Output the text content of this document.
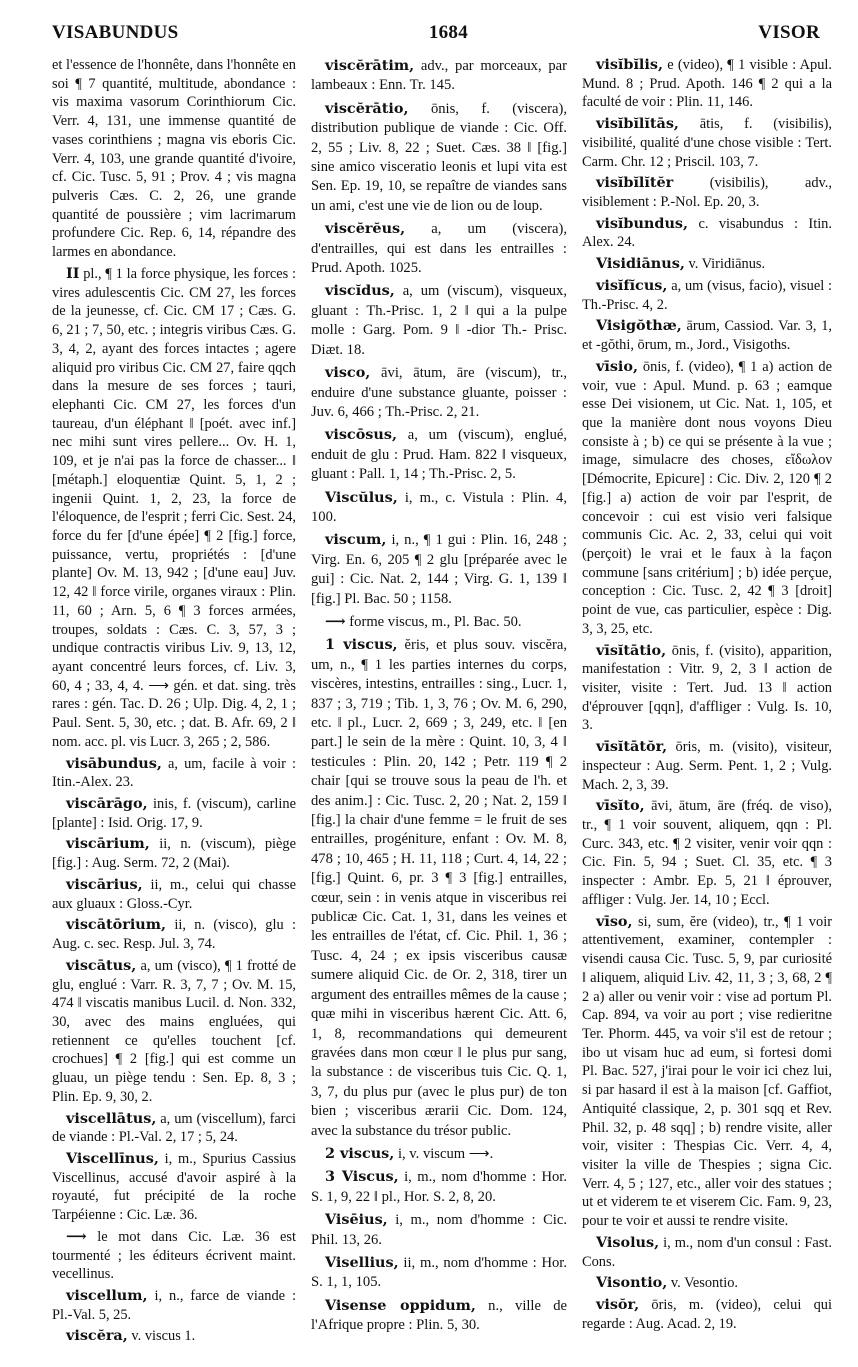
VISABUNDUS	1684	VISOR

et l'essence de l'honnête, dans l'honnête en soi ¶ 7 quantité, multitude, abondance : vis maxima vasorum Corinthiorum Cic. Verr. 4, 131, une immense quantité de vases corinthiens ; magna vis eboris Cic. Verr. 4, 103, une grande quantité d'ivoire, cf. Cic. Tusc. 5, 91 ; Prov. 4 ; vis magna pulveris Cæs. C. 2, 26, une grande quantité de poussière ; vim lacrimarum profundere Cic. Rep. 6, 14, répandre des larmes en abondance.

II pl., ¶ 1 la force physique, les forces : vires adulescentis Cic. CM 27, les forces de la jeunesse, cf. Cic. CM 17 ; Cæs. G. 6, 21 ; 7, 50, etc. ; integris viribus Cæs. G. 3, 4, 2, ayant des forces intactes ; agere aliquid pro viribus Cic. CM 27, faire qqch dans la mesure de ses forces ; tauri, elephanti Cic. CM 27, les forces d'un taureau, d'un éléphant ‖ [poét. avec inf.] nec mihi sunt vires pellere... Ov. H. 1, 109, et je n'ai pas la force de chasser... ‖ [métaph.] eloquentiæ Quint. 5, 1, 2 ; ingenii Quint. 1, 2, 23, la force de l'éloquence, de l'esprit ; ferri Cic. Sest. 24, force du fer [d'une épée] ¶ 2 [fig.] force, puissance, vertu, propriétés : [d'une plante] Ov. M. 13, 942 ; [d'une eau] Juv. 12, 42 ‖ force virile, organes viraux : Plin. 11, 60 ; Arn. 5, 6 ¶ 3 forces armées, troupes, soldats : Cæs. C. 3, 57, 3 ; undique contractis viribus Liv. 9, 13, 12, ayant concentré leurs forces, cf. Liv. 3, 60, 4 ; 33, 4, 4. ⟶ gén. et dat. sing. très rares : gén. Tac. D. 26 ; Ulp. Dig. 4, 2, 1 ; Paul. Sent. 5, 30, etc. ; dat. B. Afr. 69, 2 ‖ nom. acc. pl. vis Lucr. 3, 265 ; 2, 586.

visābundus, a, um, facile à voir : Itin.-Alex. 23.

viscārāgo, inis, f. (viscum), carline [plante] : Isid. Orig. 17, 9.

viscārium, ii, n. (viscum), piège [fig.] : Aug. Serm. 72, 2 (Mai).

viscārius, ii, m., celui qui chasse aux gluaux : Gloss.-Cyr.

viscātōrium, ii, n. (visco), glu : Aug. c. sec. Resp. Jul. 3, 74.

viscātus, a, um (visco), ¶ 1 frotté de glu, englué : Varr. R. 3, 7, 7 ; Ov. M. 15, 474 ‖ viscatis manibus Lucil. d. Non. 332, 30, avec des mains engluées, qui retiennent ce qu'elles touchent [cf. crochues] ¶ 2 [fig.] qui est comme un gluau, un piège tendu : Sen. Ep. 8, 3 ; Plin. Ep. 9, 30, 2.

viscellātus, a, um (viscellum), farci de viande : Pl.-Val. 2, 17 ; 5, 24.

Viscellīnus, i, m., Spurius Cassius Viscellinus, accusé d'avoir aspiré à la royauté, fut précipité de la roche Tarpéienne : Cic. Læ. 36.

⟶ le mot dans Cic. Læ. 36 est tourmenté ; les éditeurs écrivent maint. vecellinus.

viscellum, i, n., farce de viande : Pl.-Val. 5, 25.

viscĕra, v. viscus 1.

viscĕrātim, adv., par morceaux, par lambeaux : Enn. Tr. 145.

viscĕrātio, ōnis, f. (viscera), distribution publique de viande : Cic. Off. 2, 55 ; Liv. 8, 22 ; Suet. Cæs. 38 ‖ [fig.] sine amico visceratio leonis et lupi vita est Sen. Ep. 19, 10, se repaître de viandes sans un ami, c'est une vie de lion ou de loup.

viscĕrĕus, a, um (viscera), d'entrailles, qui est dans les entrailles : Prud. Apoth. 1025.

viscĭdus, a, um (viscum), visqueux, gluant : Th.-Prisc. 1, 2 ‖ qui a la pulpe molle : Garg. Pom. 9 ‖ -dior Th.- Prisc. Diæt. 18.

visco, āvi, ātum, āre (viscum), tr., enduire d'une substance gluante, poisser : Juv. 6, 466 ; Th.-Prisc. 2, 21.

viscōsus, a, um (viscum), englué, enduit de glu : Prud. Ham. 822 ‖ visqueux, gluant : Pall. 1, 14 ; Th.-Prisc. 2, 5.

Viscŭlus, i, m., c. Vistula : Plin. 4, 100.

viscum, i, n., ¶ 1 gui : Plin. 16, 248 ; Virg. En. 6, 205 ¶ 2 glu [préparée avec le gui] : Cic. Nat. 2, 144 ; Virg. G. 1, 139 ‖ [fig.] Pl. Bac. 50 ; 1158.

⟶ forme viscus, m., Pl. Bac. 50.

1 viscus, ĕris, et plus souv. viscĕra, um, n., ¶ 1 les parties internes du corps, viscères, intestins, entrailles : sing., Lucr. 1, 837 ; 3, 719 ; Tib. 1, 3, 76 ; Ov. M. 6, 290, etc. ‖ pl., Lucr. 2, 669 ; 3, 249, etc. ‖ [en part.] le sein de la mère : Quint. 10, 3, 4 ‖ testicules : Plin. 20, 142 ; Petr. 119 ¶ 2 chair [qui se trouve sous la peau de l'h. et des anim.] : Cic. Tusc. 2, 20 ; Nat. 2, 159 ‖ [fig.] la chair d'une femme = le fruit de ses entrailles, progéniture, enfant : Ov. M. 8, 478 ; 10, 465 ; H. 11, 118 ; Curt. 4, 14, 22 ; [fig.] Quint. 6, pr. 3 ¶ 3 [fig.] entrailles, cœur, sein : in venis atque in visceribus rei publicæ Cic. Cat. 1, 31, dans les veines et les entrailles de l'état, cf. Cic. Phil. 1, 36 ; Tusc. 4, 24 ; ex ipsis visceribus causæ sumere aliquid Cic. de Or. 2, 318, tirer un argument des entrailles mêmes de la cause ; quæ mihi in visceribus hærent Cic. Att. 6, 1, 8, recommandations qui demeurent gravées dans mon cœur ‖ le plus pur sang, la substance : de visceribus tuis Cic. Q. 1, 3, 7, du plus pur (avec le plus pur) de ton bien ; visceribus ærarii Cic. Dom. 124, avec la substance du trésor public.

2 viscus, i, v. viscum ⟶.

3 Viscus, i, m., nom d'homme : Hor. S. 1, 9, 22 ‖ pl., Hor. S. 2, 8, 20.

Visēius, i, m., nom d'homme : Cic. Phil. 13, 26.

Visellius, ii, m., nom d'homme : Hor. S. 1, 1, 105.

Visense oppidum, n., ville de l'Afrique propre : Plin. 5, 30.

visĭbĭlis, e (video), ¶ 1 visible : Apul. Mund. 8 ; Prud. Apoth. 146 ¶ 2 qui a la faculté de voir : Plin. 11, 146.

visĭbĭlĭtās, ātis, f. (visibilis), visibilité, qualité d'une chose visible : Tert. Carm. Chr. 12 ; Priscil. 103, 7.

visĭbĭlĭtĕr	(visibilis), adv., visiblement : P.-Nol. Ep. 20, 3.

visĭbundus, c. visabundus : Itin. Alex. 24.

Visidiānus, v. Viridiānus.

visĭfĭcus, a, um (visus, facio), visuel : Th.-Prisc. 4, 2.

Visigŏthæ, ārum, Cassiod. Var. 3, 1, et -gŏthi, ōrum, m., Jord., Visigoths.

vīsio, ōnis, f. (video), ¶ 1 a) action de voir, vue : Apul. Mund. p. 63 ; eamque esse Dei visionem, ut Cic. Nat. 1, 105, et que la manière dont nous voyons Dieu consiste à ; b) ce qui se présente à la vue ; image, simulacre des choses, εἴδωλον [Démocrite, Epicure] : Cic. Div. 2, 120 ¶ 2 [fig.] a) action de voir par l'esprit, de concevoir : cui est visio veri falsique communis Cic. Ac. 2, 33, celui qui voit (perçoit) le vrai et le faux à la façon commune [sans critérium] ; b) idée perçue, conception : Cic. Tusc. 2, 42 ¶ 3 [droit] point de vue, cas particulier, espèce : Dig. 3, 3, 25, etc.

vīsĭtātio, ōnis, f. (visito), apparition, manifestation : Vitr. 9, 2, 3 ‖ action de visiter, visite : Tert. Jud. 13 ‖ action d'éprouver [qqn], d'affliger : Vulg. Is. 10, 3.

vīsĭtātŏr, ōris, m. (visito), visiteur, inspecteur : Aug. Serm. Pent. 1, 2 ; Vulg. Mach. 2, 3, 39.

vīsĭto, āvi, ātum, āre (fréq. de viso), tr., ¶ 1 voir souvent, aliquem, qqn : Pl. Curc. 343, etc. ¶ 2 visiter, venir voir qqn : Cic. Fin. 5, 94 ; Suet. Cl. 35, etc. ¶ 3 inspecter : Ambr. Ep. 5, 21 ‖ éprouver, affliger : Vulg. Jer. 14, 10 ; Eccl.

vīso, si, sum, ĕre (video), tr., ¶ 1 voir attentivement, examiner, contempler : visendi causa Cic. Tusc. 5, 9, par curiosité ‖ aliquem, aliquid Liv. 42, 11, 3 ; 3, 68, 2 ¶ 2 a) aller ou venir voir : vise ad portum Pl. Cap. 894, va voir au port ; vise redieritne Ter. Phorm. 445, va voir s'il est de retour ; ibo ut visam huc ad eum, si fortesi domi Pl. Bac. 527, j'irai pour le voir ici chez lui, si par hasard il est à la maison [cf. Gaffiot, Antiquité classique, 2, p. 301 sqq et Rev. Phil. 32, p. 48 sqq] ; b) rendre visite, aller voir, visiter : Thespias Cic. Verr. 4, 4, visiter la ville de Thespies ; signa Cic. Verr. 4, 5 ; 127, etc., aller voir des statues ; ut et viderem te et viserem Cic. Fam. 9, 23, pour te voir et aussi te rendre visite.

Visolus, i, m., nom d'un consul : Fast. Cons.

Visontio, v. Vesontio.

visŏr, ōris, m. (video), celui qui regarde : Aug. Acad. 2, 19.
